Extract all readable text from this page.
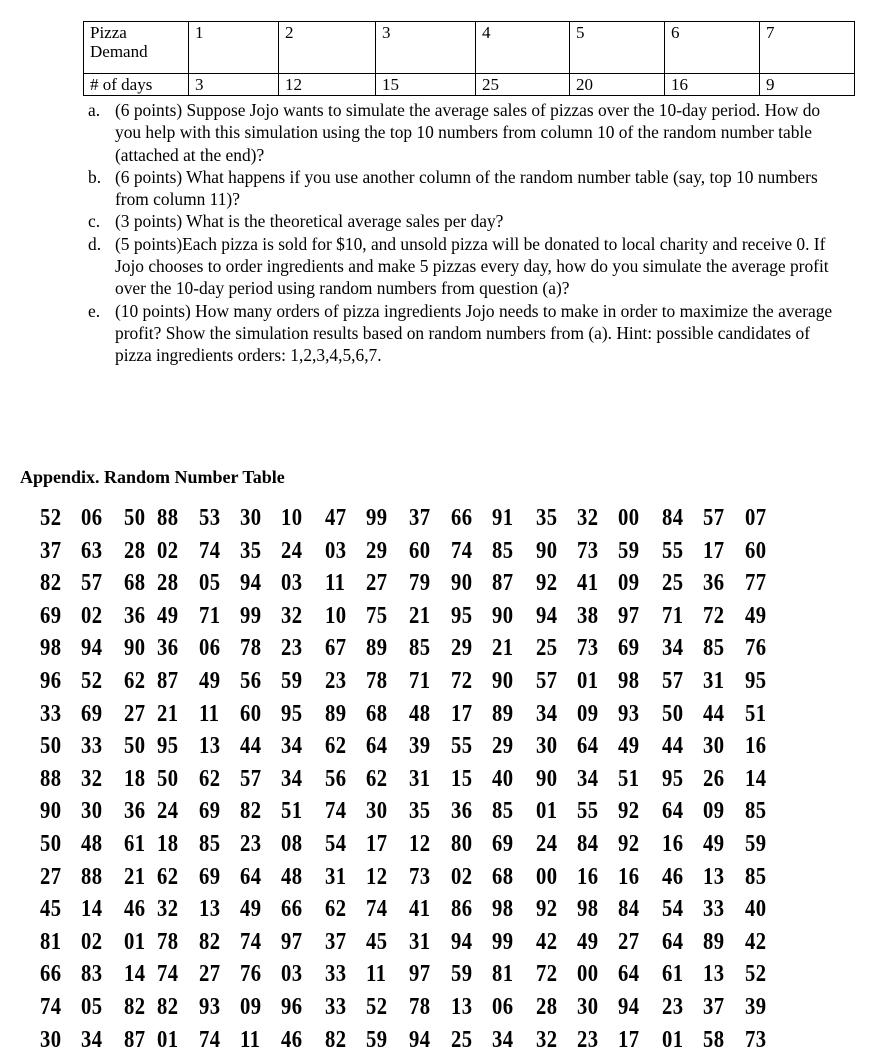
Pizza Demand	1	2	3	4	5	6	7
# of days	3	12	15	25	20	16	9
a. (6 points) Suppose Jojo wants to simulate the average sales of pizzas over the 10-day period. How do you help with this simulation using the top 10 numbers from column 10 of the random number table (attached at the end)?
b. (6 points) What happens if you use another column of the random number table (say, top 10 numbers from column 11)?
c. (3 points) What is the theoretical average sales per day?
d. (5 points)Each pizza is sold for $10, and unsold pizza will be donated to local charity and receive 0. If Jojo chooses to order ingredients and make 5 pizzas every day, how do you simulate the average profit over the 10-day period using random numbers from question (a)?
e. (10 points) How many orders of pizza ingredients Jojo needs to make in order to maximize the average profit? Show the simulation results based on random numbers from (a). Hint: possible candidates of pizza ingredients orders: 1,2,3,4,5,6,7.
Appendix. Random Number Table
52 06 50 88 53 30 10 47 99 37 66 91 35 32 00 84 57 07
37 63 28 02 74 35 24 03 29 60 74 85 90 73 59 55 17 60
82 57 68 28 05 94 03 11 27 79 90 87 92 41 09 25 36 77
69 02 36 49 71 99 32 10 75 21 95 90 94 38 97 71 72 49
98 94 90 36 06 78 23 67 89 85 29 21 25 73 69 34 85 76
96 52 62 87 49 56 59 23 78 71 72 90 57 01 98 57 31 95
33 69 27 21 11 60 95 89 68 48 17 89 34 09 93 50 44 51
50 33 50 95 13 44 34 62 64 39 55 29 30 64 49 44 30 16
88 32 18 50 62 57 34 56 62 31 15 40 90 34 51 95 26 14
90 30 36 24 69 82 51 74 30 35 36 85 01 55 92 64 09 85
50 48 61 18 85 23 08 54 17 12 80 69 24 84 92 16 49 59
27 88 21 62 69 64 48 31 12 73 02 68 00 16 16 46 13 85
45 14 46 32 13 49 66 62 74 41 86 98 92 98 84 54 33 40
81 02 01 78 82 74 97 37 45 31 94 99 42 49 27 64 89 42
66 83 14 74 27 76 03 33 11 97 59 81 72 00 64 61 13 52
74 05 82 82 93 09 96 33 52 78 13 06 28 30 94 23 37 39
30 34 87 01 74 11 46 82 59 94 25 34 32 23 17 01 58 73
